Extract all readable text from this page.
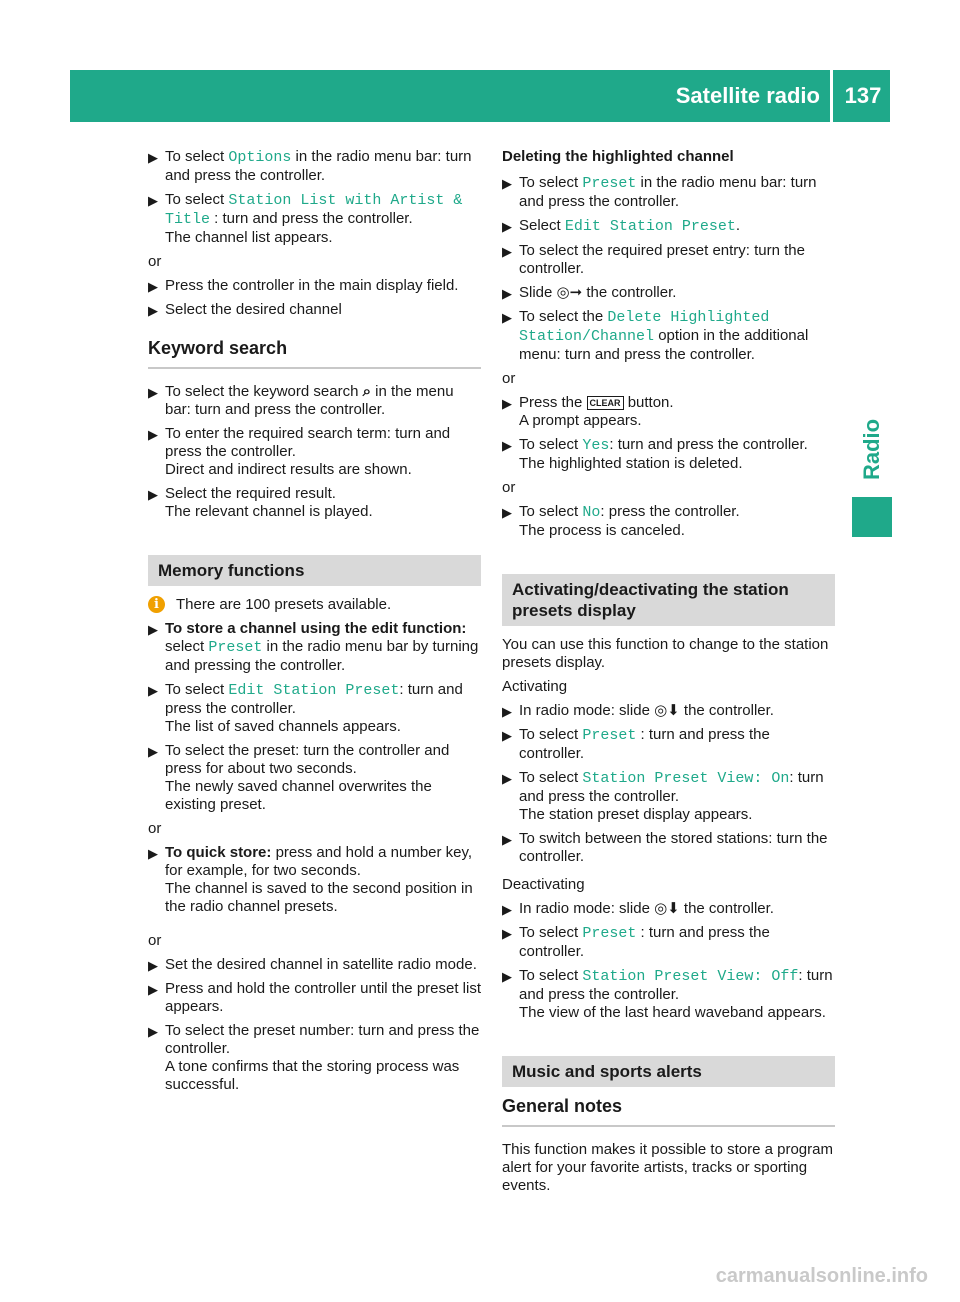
Satellite radio 137
Radio
▶ To select Options in the radio menu bar: turn and press the controller.
▶ To select Station List with Artist & Title : turn and press the controller.
The channel list appears.
or
▶ Press the controller in the main display field.
▶ Select the desired channel
Keyword search
▶ To select the keyword search ⌕ in the menu bar: turn and press the controller.
▶ To enter the required search term: turn and press the controller.
Direct and indirect results are shown.
▶ Select the required result.
The relevant channel is played.
Memory functions
i	There are 100 presets available.
▶ To store a channel using the edit function: select Preset in the radio menu bar by turning and pressing the controller.
▶ To select Edit Station Preset: turn and press the controller.
The list of saved channels appears.
▶ To select the preset: turn the controller and press for about two seconds.
The newly saved channel overwrites the existing preset.
or
▶ To quick store: press and hold a number key, for example, for two seconds.
The channel is saved to the second position in the radio channel presets.
or
▶ Set the desired channel in satellite radio mode.
▶ Press and hold the controller until the preset list appears.
▶ To select the preset number: turn and press the controller.
A tone confirms that the storing process was successful.
Deleting the highlighted channel
▶ To select Preset in the radio menu bar: turn and press the controller.
▶ Select Edit Station Preset.
▶ To select the required preset entry: turn the controller.
▶ Slide ◎➞ the controller.
▶ To select the Delete Highlighted Station/Channel option in the additional menu: turn and press the controller.
or
▶ Press the CLEAR button.
A prompt appears.
▶ To select Yes: turn and press the controller.
The highlighted station is deleted.
or
▶ To select No: press the controller.
The process is canceled.
Activating/deactivating the station presets display
You can use this function to change to the station presets display.
Activating
▶ In radio mode: slide ◎⬇ the controller.
▶ To select Preset : turn and press the controller.
▶ To select Station Preset View: On: turn and press the controller.
The station preset display appears.
▶ To switch between the stored stations: turn the controller.
Deactivating
▶ In radio mode: slide ◎⬇ the controller.
▶ To select Preset : turn and press the controller.
▶ To select Station Preset View: Off: turn and press the controller.
The view of the last heard waveband appears.
Music and sports alerts
General notes
This function makes it possible to store a program alert for your favorite artists, tracks or sporting events.
carmanualsonline.info
